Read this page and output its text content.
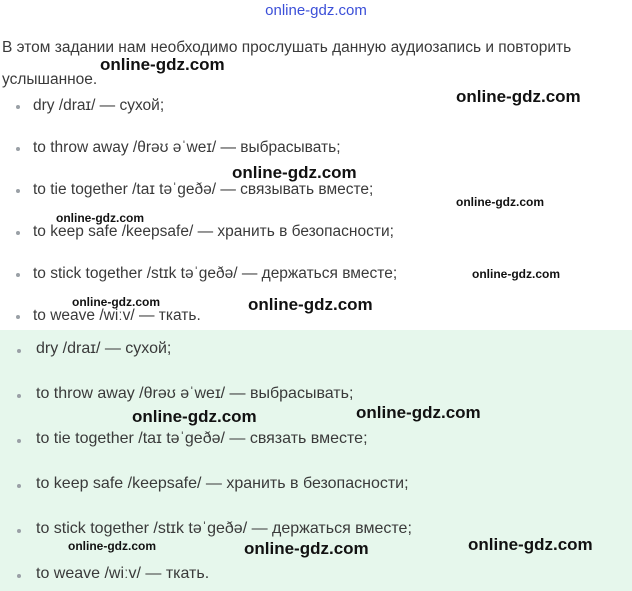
online-gdz.com
В этом задании нам необходимо прослушать данную аудиозапись и повторить услышанное.
dry /draɪ/ — сухой;
to throw away /θrəʊ əˈweɪ/ — выбрасывать;
to tie together /taɪ təˈgeðə/ — связывать вместе;
to keep safe /keepsafe/ — хранить в безопасности;
to stick together /stɪk təˈgeðə/ — держаться вместе;
to weave /wiːv/ — ткать.
dry /draɪ/ — сухой;
to throw away /θrəʊ əˈweɪ/ — выбрасывать;
to tie together /taɪ təˈgeðə/ — связать вместе;
to keep safe /keepsafe/ — хранить в безопасности;
to stick together /stɪk təˈgeðə/ — держаться вместе;
to weave /wiːv/ — ткать.
online-gdz.com
online-gdz.com
online-gdz.com
online-gdz.com
online-gdz.com
online-gdz.com
online-gdz.com	online-gdz.com
online-gdz.com
online-gdz.com
online-gdz.com
online-gdz.com	online-gdz.com
